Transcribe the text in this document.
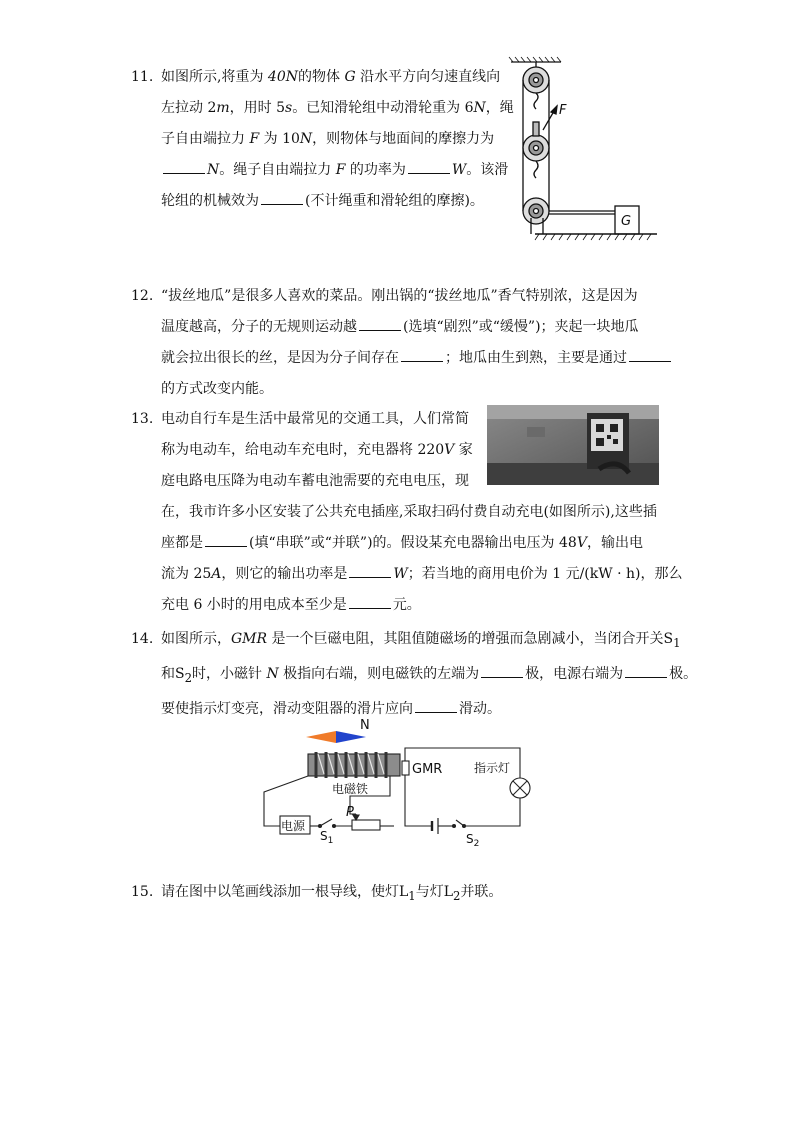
11. 如图所示,将重为 40N的物体 G 沿水平方向匀速直线向
左拉动 2m，用时 5s。已知滑轮组中动滑轮重为 6N，绳
子自由端拉力 F 为 10N，则物体与地面间的摩擦力为
N。绳子自由端拉力 F 的功率为	W。该滑
轮组的机械效为	(不计绳重和滑轮组的摩擦)。
F
G
12. “拔丝地瓜”是很多人喜欢的菜品。刚出锅的“拔丝地瓜”香气特别浓，这是因为
温度越高，分子的无规则运动越	(选填“剧烈”或“缓慢”)；夹起一块地瓜
就会拉出很长的丝，是因为分子间存在	；地瓜由生到熟，主要是通过
的方式改变内能。
13. 电动自行车是生活中最常见的交通工具，人们常简
称为电动车，给电动车充电时，充电器将 220V 家
庭电路电压降为电动车蓄电池需要的充电电压，现
在，我市许多小区安装了公共充电插座,采取扫码付费自动充电(如图所示),这些插
座都是	(填“串联”或“并联”)的。假设某充电器输出电压为 48V，输出电
流为 25A，则它的输出功率是	W；若当地的商用电价为 1 元/(kW · h)，那么
充电 6 小时的用电成本至少是	元。
14. 如图所示，GMR 是一个巨磁电阻，其阻值随磁场的增强而急剧减小，当闭合开关$S_1$
和$S_2$时，小磁针 N 极指向右端，则电磁铁的左端为	极，电源右端为	极。
要使指示灯变亮，滑动变阻器的滑片应向	滑动。
N
GMR	指示灯
电磁铁
电源
P
$S_1$	$S_2$
15. 请在图中以笔画线添加一根导线，使灯$L_1$与灯$L_2$并联。
